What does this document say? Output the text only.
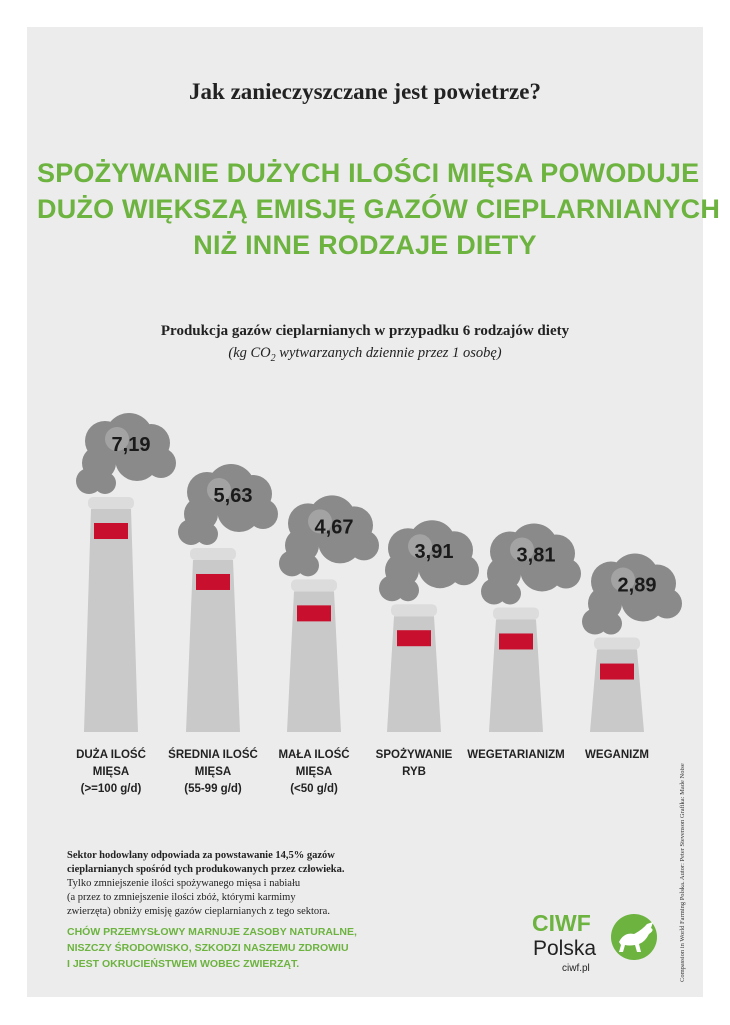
Jak zanieczyszczane jest powietrze?
SPOŻYWANIE DUŻYCH ILOŚCI MIĘSA POWODUJE
DUŻO WIĘKSZĄ EMISJĘ GAZÓW CIEPLARNIANYCH
NIŻ INNE RODZAJE DIETY
Produkcja gazów cieplarnianych w przypadku 6 rodzajów diety
(kg $CO_2$ wytwarzanych dziennie przez 1 osobę)
7,19
5,63
4,67
3,91	3,81
2,89
DUŻA ILOŚĆ
MIĘSA
(>=100 g/d)
ŚREDNIA ILOŚĆ
MIĘSA
(55-99 g/d)
MAŁA ILOŚĆ
MIĘSA
(<50 g/d)
SPOŻYWANIE
RYB
WEGETARIANIZM	WEGANIZM
Sektor hodowlany odpowiada za powstawanie 14,5% gazów
cieplarnianych spośród tych produkowanych przez człowieka.
Tylko zmniejszenie ilości spożywanego mięsa i nabiału
(a przez to zmniejszenie ilości zbóż, którymi karmimy
zwierzęta) obniży emisję gazów cieplarnianych z tego sektora.
CHÓW PRZEMYSŁOWY MARNUJE ZASOBY NATURALNE,
NISZCZY ŚRODOWISKO, SZKODZI NASZEMU ZDROWIU
I JEST OKRUCIEŃSTWEM WOBEC ZWIERZĄT.
CIWF
Polska
ciwf.pl	Compassion in World Farming Polska. Autor: Peter Stevenson Grafika: Made Noise
